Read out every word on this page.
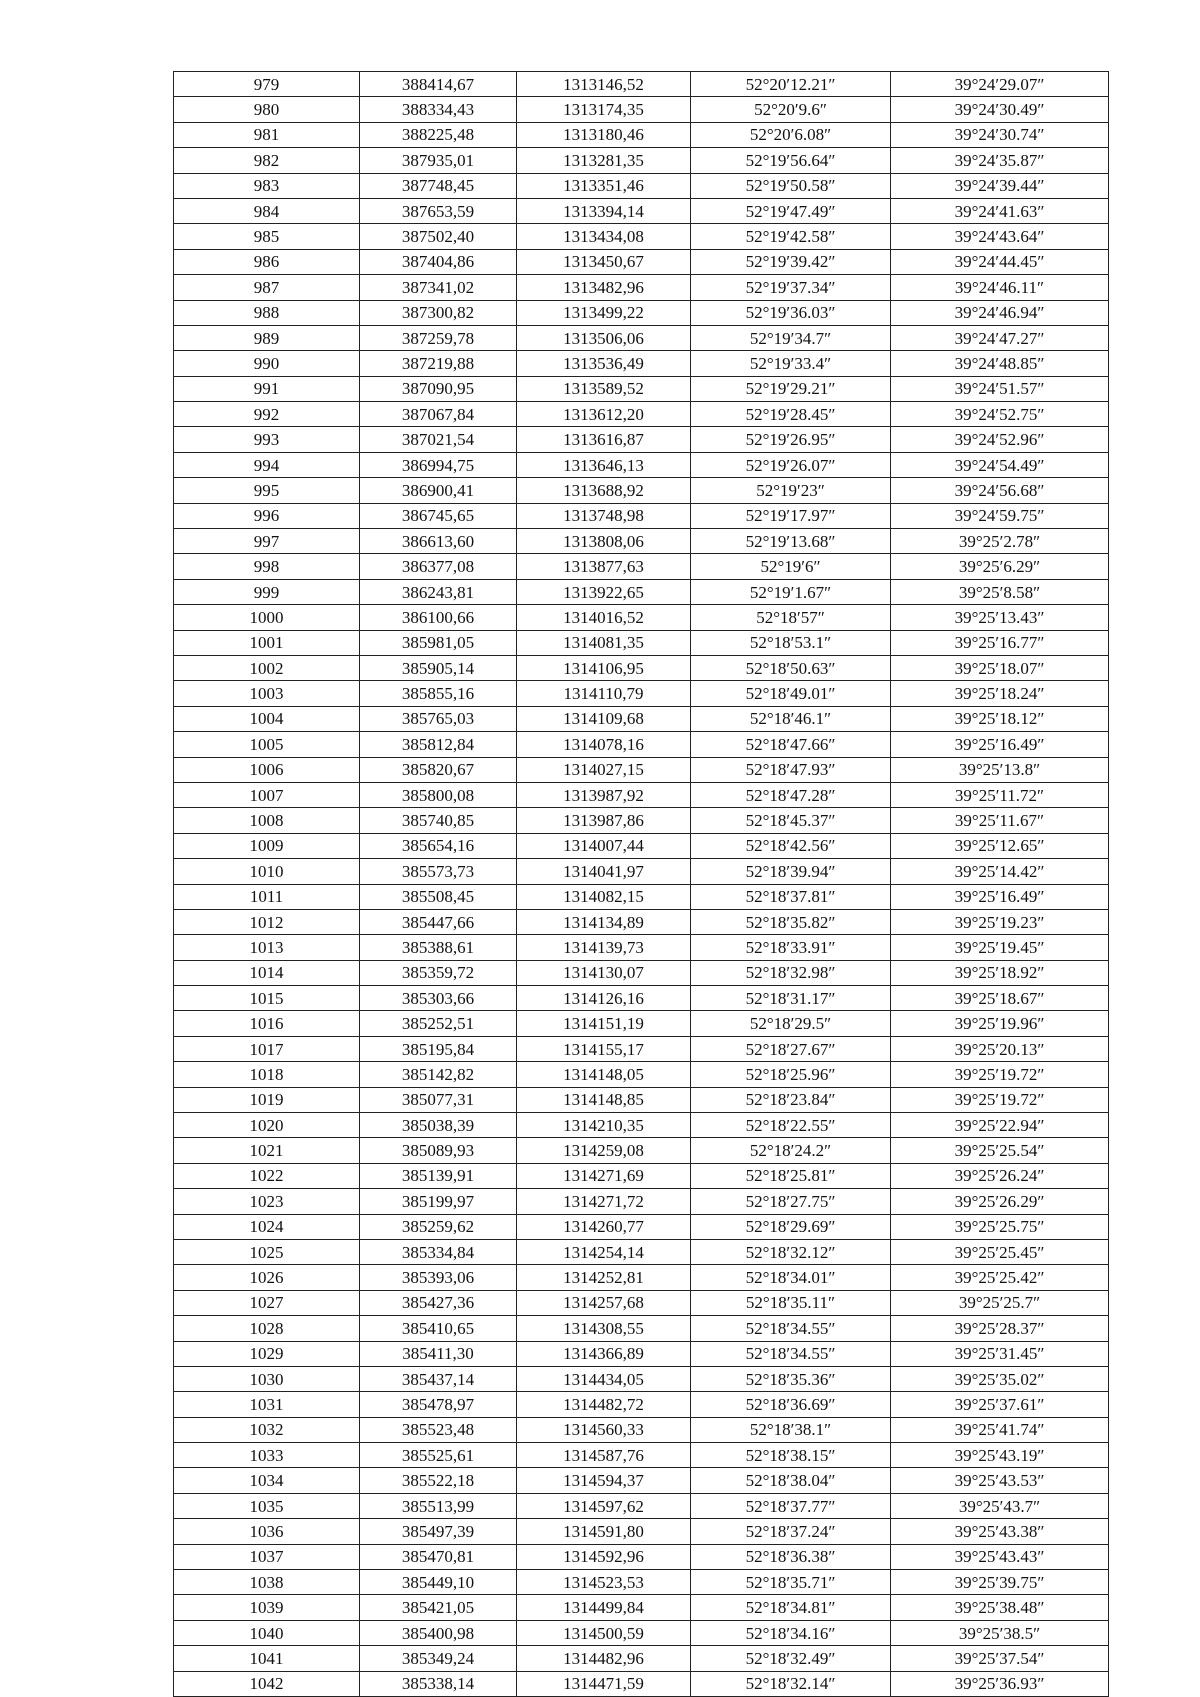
979	388414,67	1313146,52	52°20′12.21″	39°24′29.07″
980	388334,43	1313174,35	52°20′9.6″	39°24′30.49″
981	388225,48	1313180,46	52°20′6.08″	39°24′30.74″
982	387935,01	1313281,35	52°19′56.64″	39°24′35.87″
983	387748,45	1313351,46	52°19′50.58″	39°24′39.44″
984	387653,59	1313394,14	52°19′47.49″	39°24′41.63″
985	387502,40	1313434,08	52°19′42.58″	39°24′43.64″
986	387404,86	1313450,67	52°19′39.42″	39°24′44.45″
987	387341,02	1313482,96	52°19′37.34″	39°24′46.11″
988	387300,82	1313499,22	52°19′36.03″	39°24′46.94″
989	387259,78	1313506,06	52°19′34.7″	39°24′47.27″
990	387219,88	1313536,49	52°19′33.4″	39°24′48.85″
991	387090,95	1313589,52	52°19′29.21″	39°24′51.57″
992	387067,84	1313612,20	52°19′28.45″	39°24′52.75″
993	387021,54	1313616,87	52°19′26.95″	39°24′52.96″
994	386994,75	1313646,13	52°19′26.07″	39°24′54.49″
995	386900,41	1313688,92	52°19′23″	39°24′56.68″
996	386745,65	1313748,98	52°19′17.97″	39°24′59.75″
997	386613,60	1313808,06	52°19′13.68″	39°25′2.78″
998	386377,08	1313877,63	52°19′6″	39°25′6.29″
999	386243,81	1313922,65	52°19′1.67″	39°25′8.58″
1000	386100,66	1314016,52	52°18′57″	39°25′13.43″
1001	385981,05	1314081,35	52°18′53.1″	39°25′16.77″
1002	385905,14	1314106,95	52°18′50.63″	39°25′18.07″
1003	385855,16	1314110,79	52°18′49.01″	39°25′18.24″
1004	385765,03	1314109,68	52°18′46.1″	39°25′18.12″
1005	385812,84	1314078,16	52°18′47.66″	39°25′16.49″
1006	385820,67	1314027,15	52°18′47.93″	39°25′13.8″
1007	385800,08	1313987,92	52°18′47.28″	39°25′11.72″
1008	385740,85	1313987,86	52°18′45.37″	39°25′11.67″
1009	385654,16	1314007,44	52°18′42.56″	39°25′12.65″
1010	385573,73	1314041,97	52°18′39.94″	39°25′14.42″
1011	385508,45	1314082,15	52°18′37.81″	39°25′16.49″
1012	385447,66	1314134,89	52°18′35.82″	39°25′19.23″
1013	385388,61	1314139,73	52°18′33.91″	39°25′19.45″
1014	385359,72	1314130,07	52°18′32.98″	39°25′18.92″
1015	385303,66	1314126,16	52°18′31.17″	39°25′18.67″
1016	385252,51	1314151,19	52°18′29.5″	39°25′19.96″
1017	385195,84	1314155,17	52°18′27.67″	39°25′20.13″
1018	385142,82	1314148,05	52°18′25.96″	39°25′19.72″
1019	385077,31	1314148,85	52°18′23.84″	39°25′19.72″
1020	385038,39	1314210,35	52°18′22.55″	39°25′22.94″
1021	385089,93	1314259,08	52°18′24.2″	39°25′25.54″
1022	385139,91	1314271,69	52°18′25.81″	39°25′26.24″
1023	385199,97	1314271,72	52°18′27.75″	39°25′26.29″
1024	385259,62	1314260,77	52°18′29.69″	39°25′25.75″
1025	385334,84	1314254,14	52°18′32.12″	39°25′25.45″
1026	385393,06	1314252,81	52°18′34.01″	39°25′25.42″
1027	385427,36	1314257,68	52°18′35.11″	39°25′25.7″
1028	385410,65	1314308,55	52°18′34.55″	39°25′28.37″
1029	385411,30	1314366,89	52°18′34.55″	39°25′31.45″
1030	385437,14	1314434,05	52°18′35.36″	39°25′35.02″
1031	385478,97	1314482,72	52°18′36.69″	39°25′37.61″
1032	385523,48	1314560,33	52°18′38.1″	39°25′41.74″
1033	385525,61	1314587,76	52°18′38.15″	39°25′43.19″
1034	385522,18	1314594,37	52°18′38.04″	39°25′43.53″
1035	385513,99	1314597,62	52°18′37.77″	39°25′43.7″
1036	385497,39	1314591,80	52°18′37.24″	39°25′43.38″
1037	385470,81	1314592,96	52°18′36.38″	39°25′43.43″
1038	385449,10	1314523,53	52°18′35.71″	39°25′39.75″
1039	385421,05	1314499,84	52°18′34.81″	39°25′38.48″
1040	385400,98	1314500,59	52°18′34.16″	39°25′38.5″
1041	385349,24	1314482,96	52°18′32.49″	39°25′37.54″
1042	385338,14	1314471,59	52°18′32.14″	39°25′36.93″
